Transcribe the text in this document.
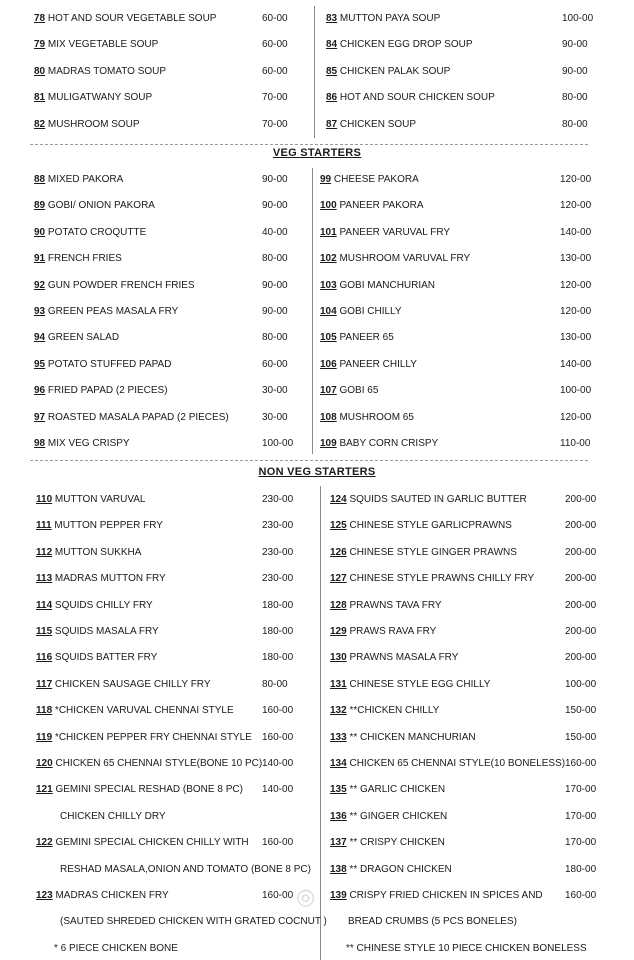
VEG STARTERS
NON VEG STARTERS
◎
78 HOT AND SOUR VEGETABLE SOUP	60-00
79 MIX VEGETABLE SOUP	60-00
80 MADRAS TOMATO SOUP	60-00
81 MULIGATWANY SOUP	70-00
82 MUSHROOM SOUP	70-00
83 MUTTON PAYA SOUP	100-00
84 CHICKEN EGG DROP SOUP	90-00
85 CHICKEN PALAK SOUP	90-00
86 HOT AND SOUR CHICKEN SOUP	80-00
87 CHICKEN SOUP	80-00
88 MIXED PAKORA	90-00
89 GOBI/ ONION PAKORA	90-00
90 POTATO CROQUTTE	40-00
91 FRENCH FRIES	80-00
92 GUN POWDER FRENCH FRIES	90-00
93 GREEN PEAS MASALA FRY	90-00
94 GREEN SALAD	80-00
95 POTATO STUFFED PAPAD	60-00
96 FRIED PAPAD (2 PIECES)	30-00
97 ROASTED MASALA PAPAD (2 PIECES)	30-00
98 MIX VEG CRISPY	100-00
99 CHEESE PAKORA	120-00
100 PANEER PAKORA	120-00
101 PANEER VARUVAL FRY	140-00
102 MUSHROOM VARUVAL FRY	130-00
103 GOBI MANCHURIAN	120-00
104 GOBI CHILLY	120-00
105 PANEER 65	130-00
106 PANEER CHILLY	140-00
107 GOBI 65	100-00
108 MUSHROOM 65	120-00
109 BABY CORN CRISPY	110-00
110 MUTTON VARUVAL	230-00
111 MUTTON PEPPER FRY	230-00
112 MUTTON SUKKHA	230-00
113 MADRAS MUTTON FRY	230-00
114 SQUIDS CHILLY FRY	180-00
115 SQUIDS MASALA FRY	180-00
116 SQUIDS BATTER FRY	180-00
117 CHICKEN SAUSAGE CHILLY FRY	80-00
118 *CHICKEN VARUVAL CHENNAI STYLE	160-00
119 *CHICKEN PEPPER FRY CHENNAI STYLE 160-00
120 CHICKEN 65 CHENNAI STYLE(BONE 10 PC) 140-00
121 GEMINI SPECIAL RESHAD (BONE 8 PC) 140-00
CHICKEN CHILLY DRY
122 GEMINI SPECIAL CHICKEN CHILLY WITH 160-00
RESHAD MASALA,ONION AND TOMATO (BONE 8 PC)
123 MADRAS CHICKEN FRY	160-00
(SAUTED SHREDED CHICKEN WITH GRATED COCNUT )
* 6 PIECE CHICKEN BONE
124 SQUIDS SAUTED IN GARLIC BUTTER	200-00
125 CHINESE STYLE GARLICPRAWNS	200-00
126 CHINESE STYLE GINGER PRAWNS	200-00
127 CHINESE STYLE PRAWNS CHILLY FRY	200-00
128 PRAWNS TAVA FRY	200-00
129 PRAWS RAVA FRY	200-00
130 PRAWNS MASALA FRY	200-00
131 CHINESE STYLE EGG CHILLY	100-00
132 **CHICKEN CHILLY	150-00
133 ** CHICKEN MANCHURIAN	150-00
134 CHICKEN 65 CHENNAI STYLE(10 BONELESS) 160-00
135 ** GARLIC CHICKEN	170-00
136 ** GINGER CHICKEN	170-00
137 ** CRISPY CHICKEN	170-00
138 ** DRAGON CHICKEN	180-00
139 CRISPY FRIED CHICKEN IN SPICES AND 160-00
BREAD CRUMBS (5 PCS BONELES)
** CHINESE STYLE 10 PIECE CHICKEN BONELESS
